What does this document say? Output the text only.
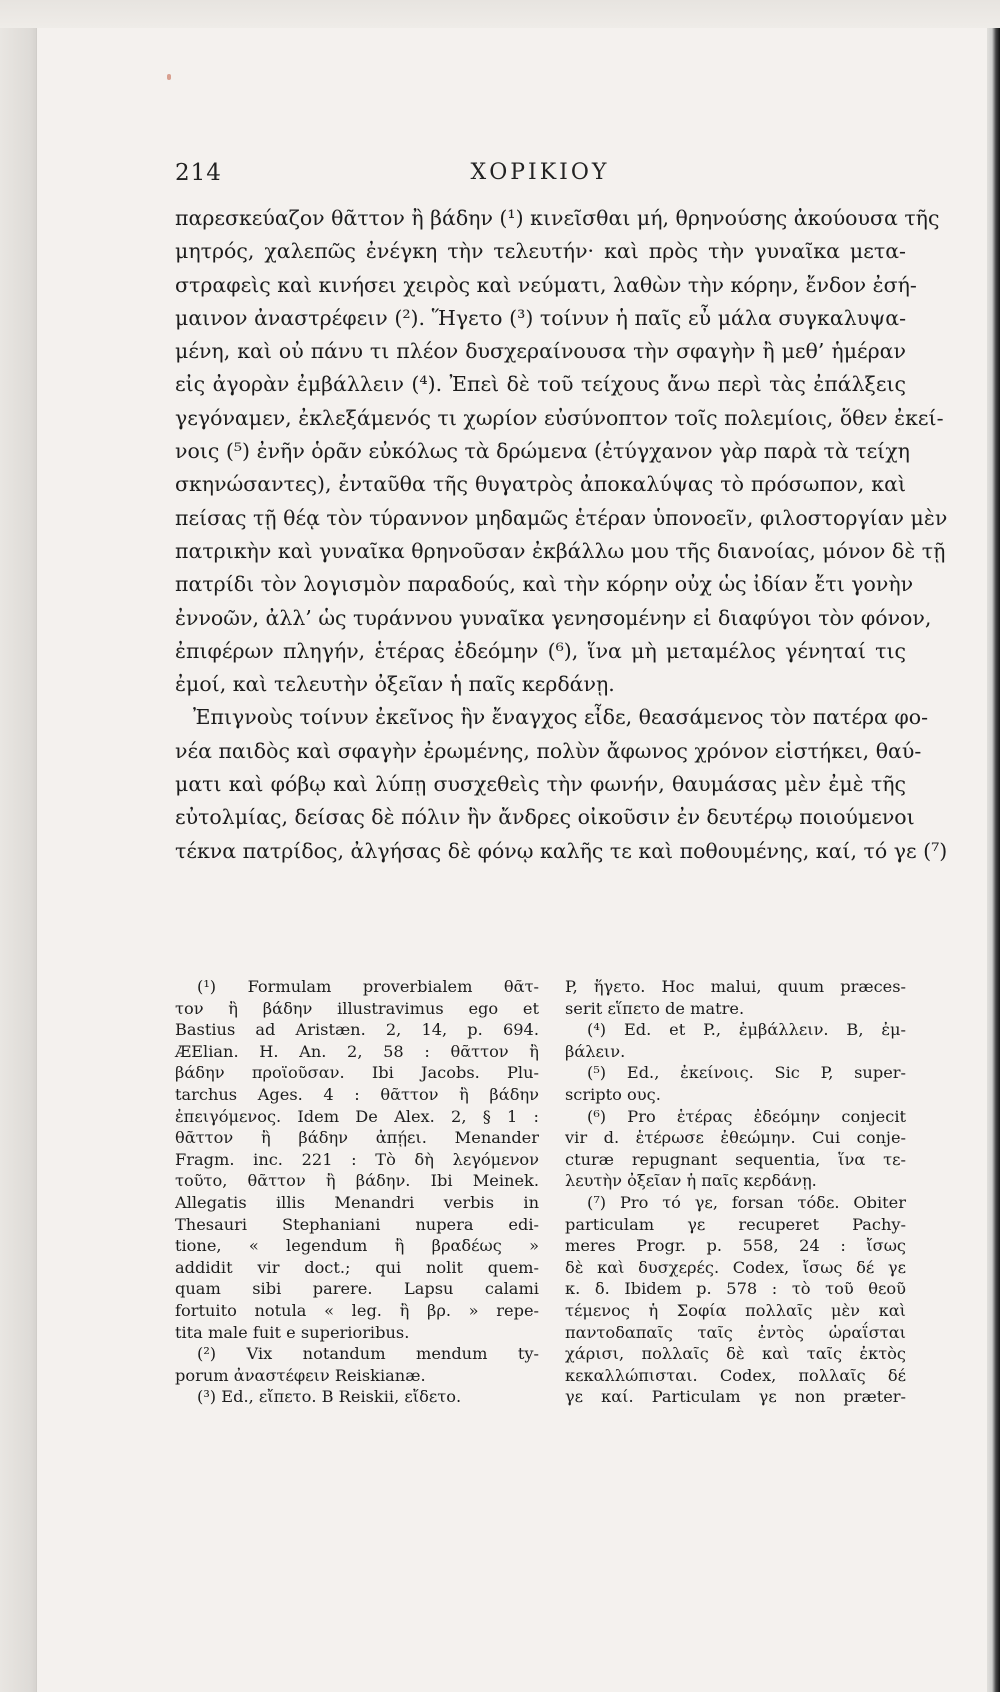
214	ΧΟΡΙΚΙΟΥ
παρεσκεύαζον θᾶττον ἢ βάδην (¹) κινεῖσθαι μή, θρηνούσης ἀκούουσα τῆς
μητρός, χαλεπῶς ἐνέγκη τὴν τελευτήν· καὶ πρὸς τὴν γυναῖκα μετα-
στραφεὶς καὶ κινήσει χειρὸς καὶ νεύματι, λαθὼν τὴν κόρην, ἔνδον ἐσή-
μαινον ἀναστρέφειν (²). Ἥγετο (³) τοίνυν ἡ παῖς εὖ μάλα συγκαλυψα-
μένη, καὶ οὐ πάνυ τι πλέον δυσχεραίνουσα τὴν σφαγὴν ἢ μεθ’ ἡμέραν
εἰς ἀγορὰν ἐμβάλλειν (⁴). Ἐπεὶ δὲ τοῦ τείχους ἄνω περὶ τὰς ἐπάλξεις
γεγόναμεν, ἐκλεξάμενός τι χωρίον εὐσύνοπτον τοῖς πολεμίοις, ὅθεν ἐκεί-
νοις (⁵) ἐνῆν ὁρᾶν εὐκόλως τὰ δρώμενα (ἐτύγχανον γὰρ παρὰ τὰ τείχη
σκηνώσαντες), ἐνταῦθα τῆς θυγατρὸς ἀποκαλύψας τὸ πρόσωπον, καὶ
πείσας τῇ θέᾳ τὸν τύραννον μηδαμῶς ἑτέραν ὑπονοεῖν, φιλοστοργίαν μὲν
πατρικὴν καὶ γυναῖκα θρηνοῦσαν ἐκβάλλω μου τῆς διανοίας, μόνον δὲ τῇ
πατρίδι τὸν λογισμὸν παραδούς, καὶ τὴν κόρην οὐχ ὡς ἰδίαν ἔτι γονὴν
ἐννοῶν, ἀλλ’ ὡς τυράννου γυναῖκα γενησομένην εἰ διαφύγοι τὸν φόνον,
ἐπιφέρων πληγήν, ἑτέρας ἐδεόμην (⁶), ἵνα μὴ μεταμέλος γένηταί τις
ἐμοί, καὶ τελευτὴν ὀξεῖαν ἡ παῖς κερδάνῃ.
Ἐπιγνοὺς τοίνυν ἐκεῖνος ἣν ἔναγχος εἶδε, θεασάμενος τὸν πατέρα φο-
νέα παιδὸς καὶ σφαγὴν ἐρωμένης, πολὺν ἄφωνος χρόνον εἱστήκει, θαύ-
ματι καὶ φόβῳ καὶ λύπῃ συσχεθεὶς τὴν φωνήν, θαυμάσας μὲν ἐμὲ τῆς
εὐτολμίας, δείσας δὲ πόλιν ἣν ἄνδρες οἰκοῦσιν ἐν δευτέρῳ ποιούμενοι
τέκνα πατρίδος, ἀλγήσας δὲ φόνῳ καλῆς τε καὶ ποθουμένης, καί, τό γε (⁷)
(¹) Formulam proverbialem θᾶτ-
τον ἢ βάδην illustravimus ego et
Bastius ad Aristæn. 2, 14, p. 694.
ÆElian. H. An. 2, 58 : θᾶττον ἢ
βάδην προϊοῦσαν. Ibi Jacobs. Plu-
tarchus Ages. 4 : θᾶττον ἢ βάδην
ἐπειγόμενος. Idem De Alex. 2, § 1 :
θᾶττον ἢ βάδην ἀπῄει. Menander
Fragm. inc. 221 : Τὸ δὴ λεγόμενον
τοῦτο, θᾶττον ἢ βάδην. Ibi Meinek.
Allegatis illis Menandri verbis in
Thesauri Stephaniani nupera edi-
tione, « legendum ἢ βραδέως »
addidit vir doct.; qui nolit quem-
quam sibi parere. Lapsu calami
fortuito notula « leg. ἢ βρ. » repe-
tita male fuit e superioribus.
(²) Vix notandum mendum ty-
porum ἀναστέφειν Reiskianæ.
(³) Ed., εἴπετο. B Reiskii, εἴδετο.
P, ἥγετο. Hoc malui, quum præces-
serit εἵπετο de matre.
(⁴) Ed. et P., ἐμβάλλειν. B, ἐμ-
βάλειν.
(⁵) Ed., ἐκείνοις. Sic P, super-
scripto ους.
(⁶) Pro ἑτέρας ἐδεόμην conjecit
vir d. ἑτέρωσε ἐθεώμην. Cui conje-
cturæ repugnant sequentia, ἵνα τε-
λευτὴν ὀξεῖαν ἡ παῖς κερδάνῃ.
(⁷) Pro τό γε, forsan τόδε. Obiter
particulam γε recuperet Pachy-
meres Progr. p. 558, 24 : ἴσως
δὲ καὶ δυσχερές. Codex, ἴσως δέ γε
κ. δ. Ibidem p. 578 : τὸ τοῦ θεοῦ
τέμενος ἡ Σοφία πολλαῖς μὲν καὶ
παντοδαπαῖς ταῖς ἐντὸς ὡραΐσται
χάρισι, πολλαῖς δὲ καὶ ταῖς ἐκτὸς
κεκαλλώπισται. Codex, πολλαῖς δέ
γε καί. Particulam γε non præter-
